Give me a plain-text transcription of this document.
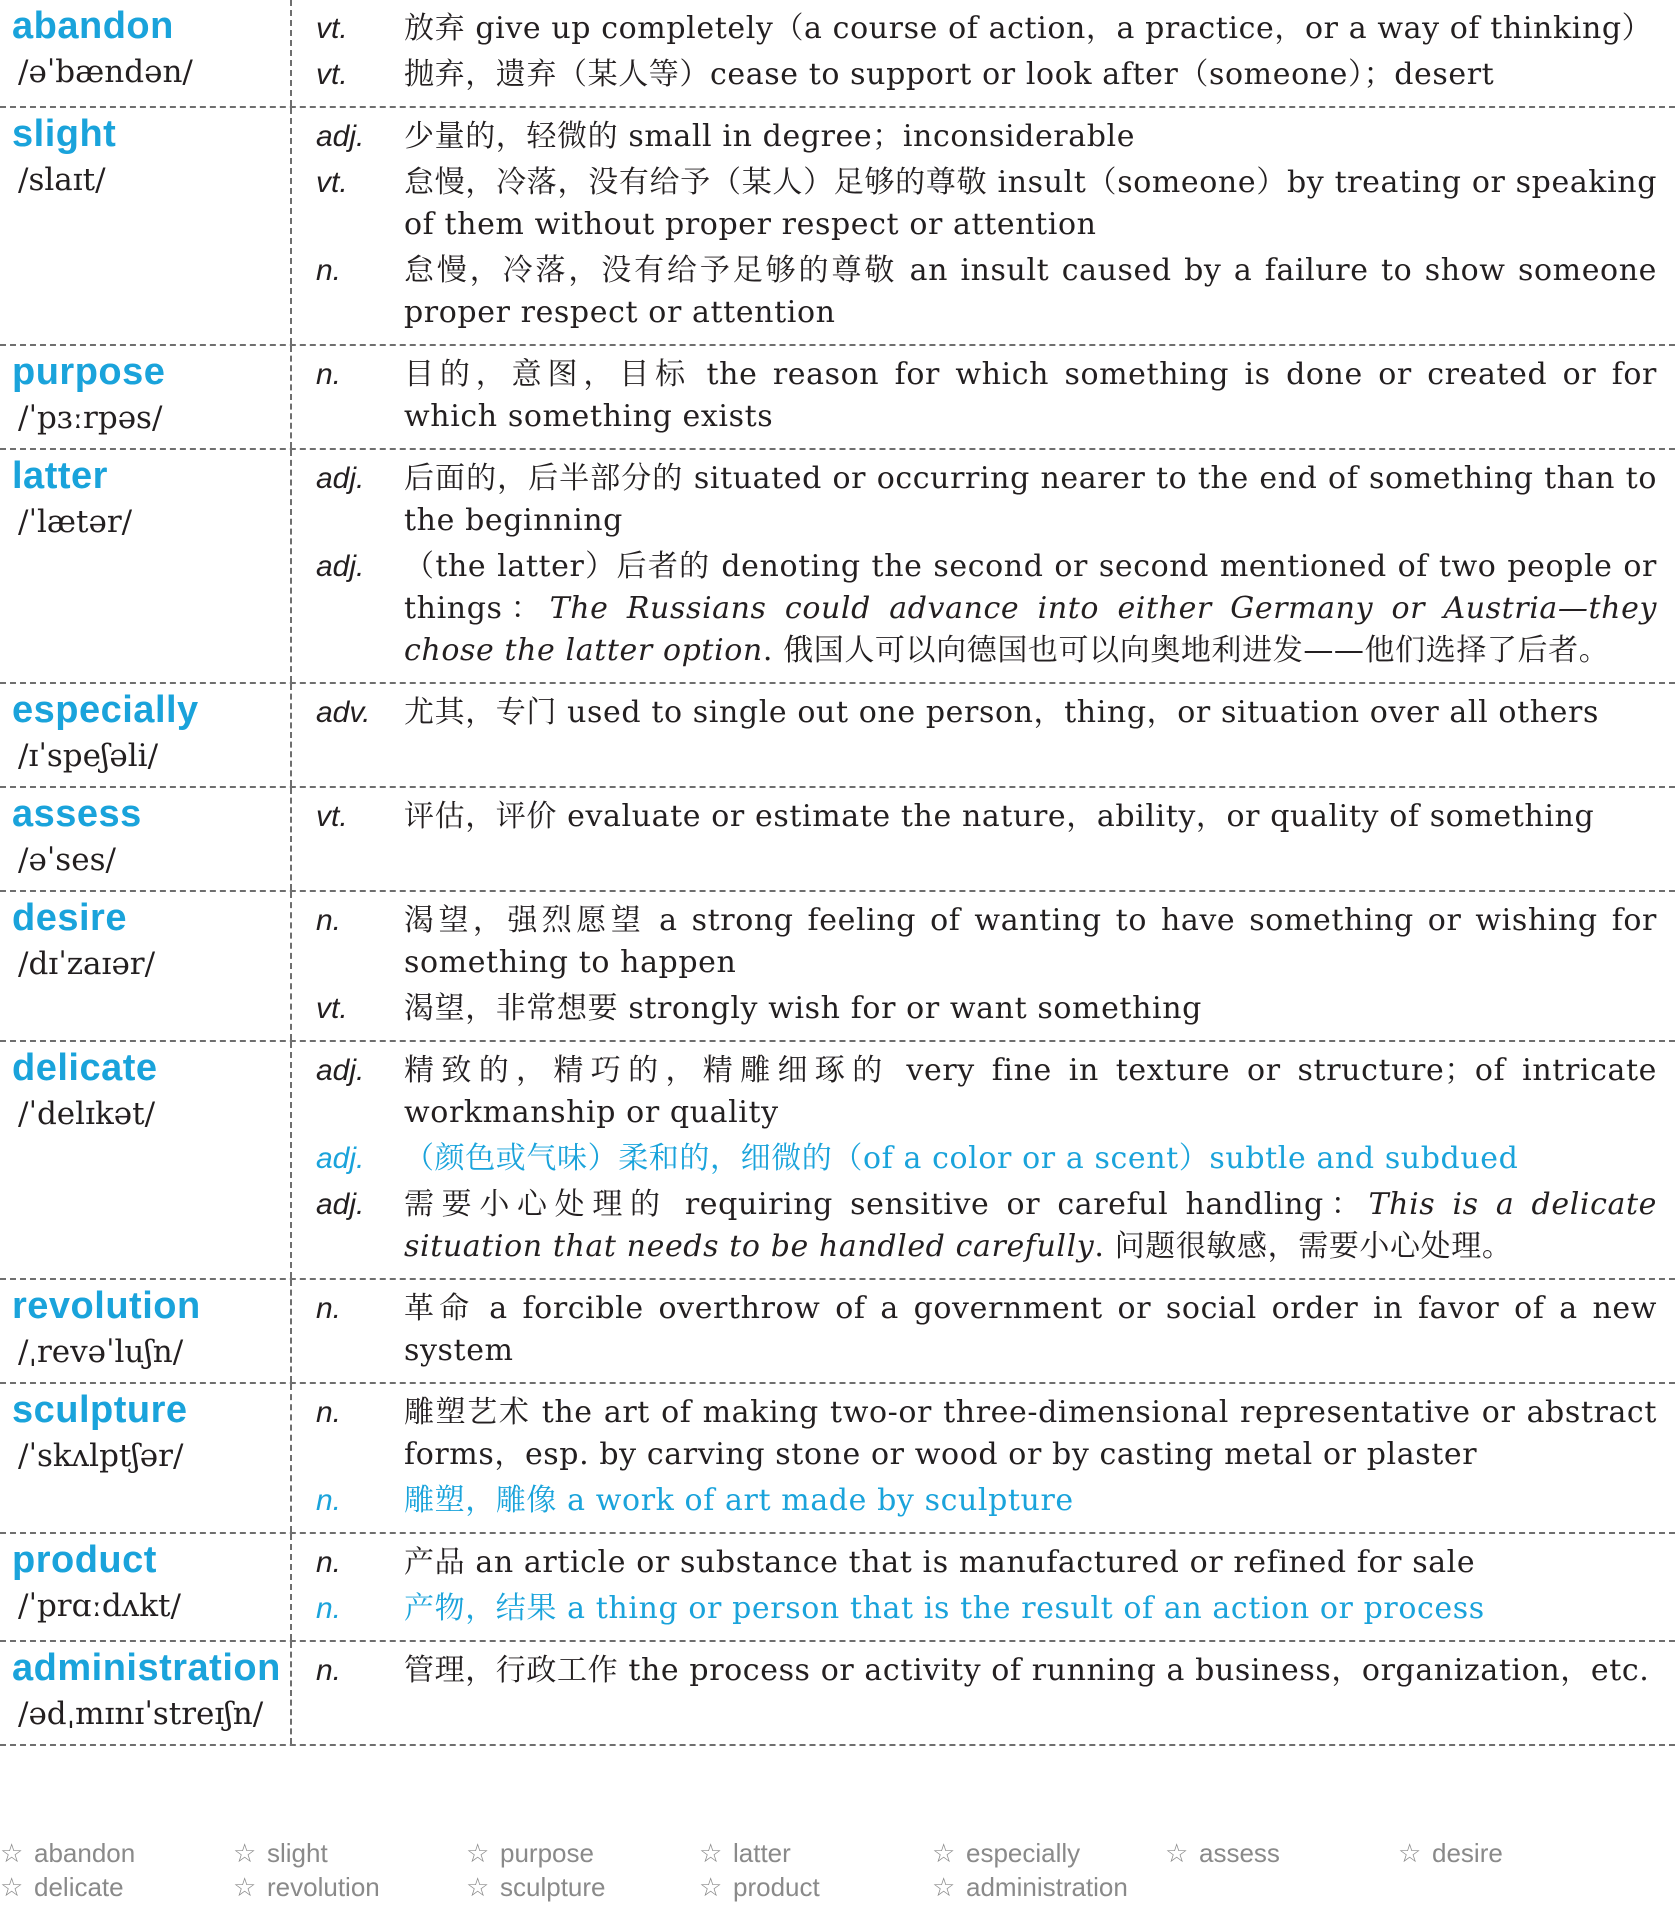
abandon
/əˈbændən/
vt.	放弃 give up completely（a course of action，a practice，or a way of thinking）
vt.	抛弃，遗弃（某人等）cease to support or look after（someone）；desert
slight
/slaɪt/
adj.	少量的，轻微的 small in degree；inconsiderable
vt.	怠慢，冷落，没有给予（某人）足够的尊敬 insult（someone）by treating or speaking of them without proper respect or attention
n.	怠慢，冷落，没有给予足够的尊敬 an insult caused by a failure to show someone proper respect or attention
purpose
/ˈpɜːrpəs/
n.	目的，意图，目标 the reason for which something is done or created or for which something exists
latter
/ˈlætər/
adj.	后面的，后半部分的 situated or occurring nearer to the end of something than to the beginning
adj.	（the latter）后者的 denoting the second or second mentioned of two people or things：The Russians could advance into either Germany or Austria—they chose the latter option. 俄国人可以向德国也可以向奥地利进发——他们选择了后者。
especially
/ɪˈspeʃəli/
adv.	尤其，专门 used to single out one person，thing，or situation over all others
assess
/əˈses/
vt.	评估，评价 evaluate or estimate the nature，ability，or quality of something
desire
/dɪˈzaɪər/
n.	渴望，强烈愿望 a strong feeling of wanting to have something or wishing for something to happen
vt.	渴望，非常想要 strongly wish for or want something
delicate
/ˈdelɪkət/
adj.	精致的，精巧的，精雕细琢的 very fine in texture or structure；of intricate workmanship or quality
adj.	（颜色或气味）柔和的，细微的（of a color or a scent）subtle and subdued
adj.	需要小心处理的 requiring sensitive or careful handling：This is a delicate situation that needs to be handled carefully. 问题很敏感，需要小心处理。
revolution
/ˌrevəˈluʃn/
n.	革命 a forcible overthrow of a government or social order in favor of a new system
sculpture
/ˈskʌlptʃər/
n.	雕塑艺术 the art of making two-or three-dimensional representative or abstract forms，esp. by carving stone or wood or by casting metal or plaster
n.	雕塑，雕像 a work of art made by sculpture
product
/ˈprɑːdʌkt/
n.	产品 an article or substance that is manufactured or refined for sale
n.	产物，结果 a thing or person that is the result of an action or process
administration
/ədˌmɪnɪˈstreɪʃn/
n.	管理，行政工作 the process or activity of running a business，organization，etc.
☆ abandon	☆ slight	☆ purpose	☆ latter	☆ especially	☆ assess	☆ desire
☆ delicate	☆ revolution	☆ sculpture	☆ product	☆ administration
